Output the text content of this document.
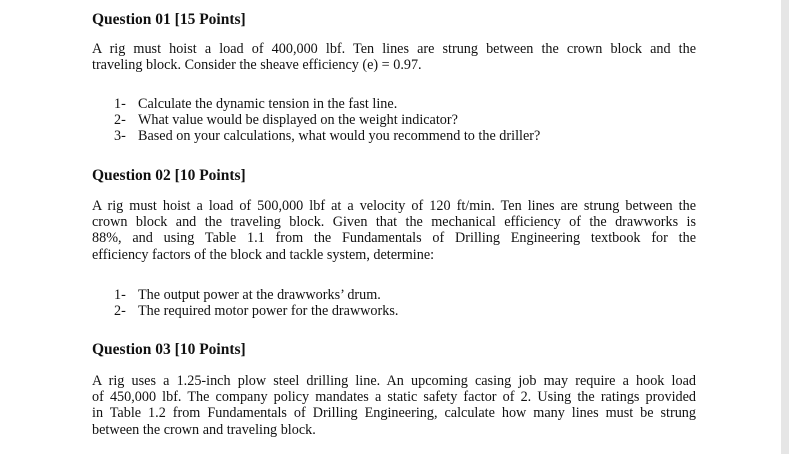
Question 01 [15 Points]
A rig must hoist a load of 400,000 lbf. Ten lines are strung between the crown block and the
traveling block. Consider the sheave efficiency (e) = 0.97.
1- Calculate the dynamic tension in the fast line.
2- What value would be displayed on the weight indicator?
3- Based on your calculations, what would you recommend to the driller?
Question 02 [10 Points]
A rig must hoist a load of 500,000 lbf at a velocity of 120 ft/min. Ten lines are strung between the
crown block and the traveling block. Given that the mechanical efficiency of the drawworks is
88%, and using Table 1.1 from the Fundamentals of Drilling Engineering textbook for the
efficiency factors of the block and tackle system, determine:
1- The output power at the drawworks’ drum.
2- The required motor power for the drawworks.
Question 03 [10 Points]
A rig uses a 1.25-inch plow steel drilling line. An upcoming casing job may require a hook load
of 450,000 lbf. The company policy mandates a static safety factor of 2. Using the ratings provided
in Table 1.2 from Fundamentals of Drilling Engineering, calculate how many lines must be strung
between the crown and traveling block.
